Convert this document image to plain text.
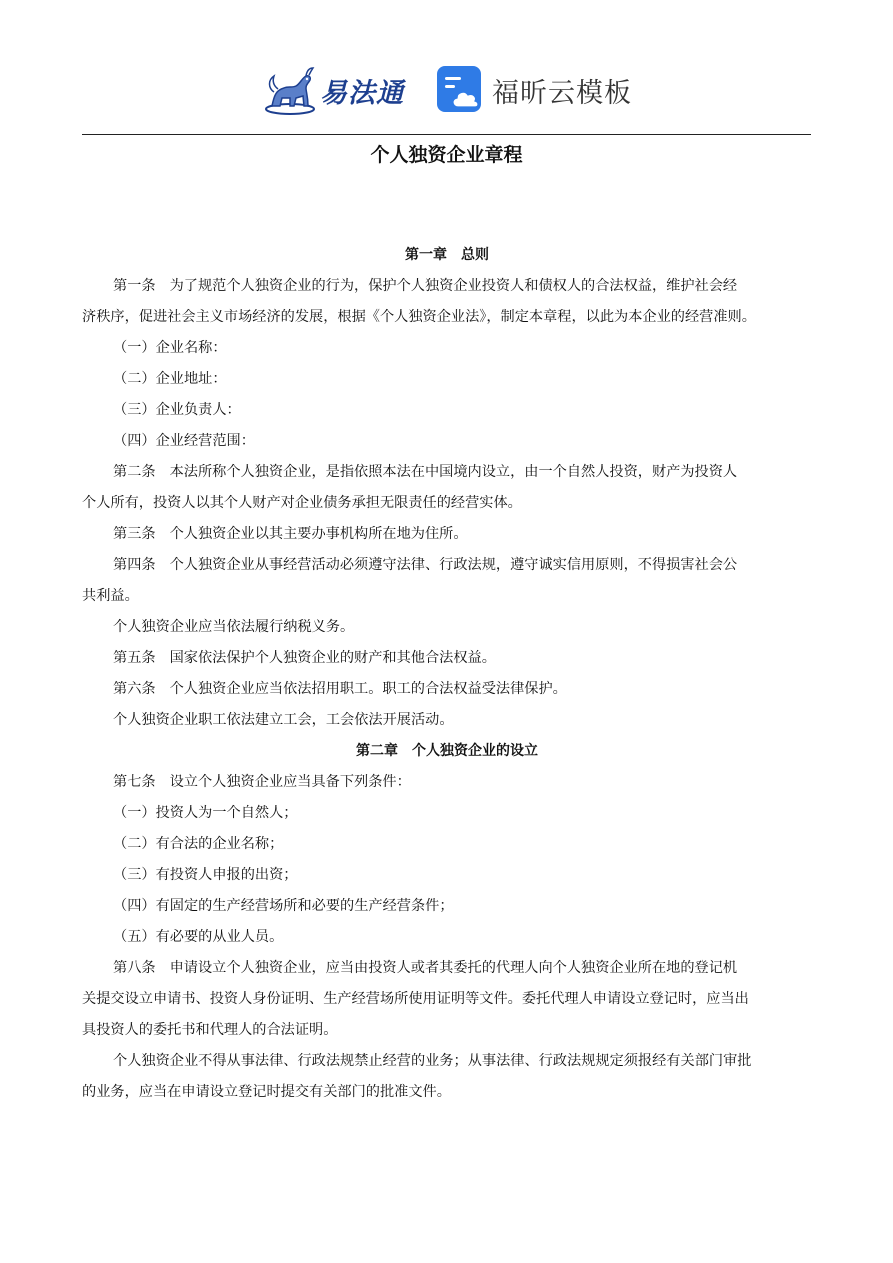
易法通	福昕云模板
个人独资企业章程
第一章 总则
第一条 为了规范个人独资企业的行为，保护个人独资企业投资人和债权人的合法权益，维护社会经
济秩序，促进社会主义市场经济的发展，根据《个人独资企业法》，制定本章程，以此为本企业的经营准则。
（一）企业名称：
（二）企业地址：
（三）企业负责人：
（四）企业经营范围：
第二条 本法所称个人独资企业，是指依照本法在中国境内设立，由一个自然人投资，财产为投资人
个人所有，投资人以其个人财产对企业债务承担无限责任的经营实体。
第三条 个人独资企业以其主要办事机构所在地为住所。
第四条 个人独资企业从事经营活动必须遵守法律、行政法规，遵守诚实信用原则，不得损害社会公
共利益。
个人独资企业应当依法履行纳税义务。
第五条 国家依法保护个人独资企业的财产和其他合法权益。
第六条 个人独资企业应当依法招用职工。职工的合法权益受法律保护。
个人独资企业职工依法建立工会，工会依法开展活动。
第二章 个人独资企业的设立
第七条 设立个人独资企业应当具备下列条件：
（一）投资人为一个自然人；
（二）有合法的企业名称；
（三）有投资人申报的出资；
（四）有固定的生产经营场所和必要的生产经营条件；
（五）有必要的从业人员。
第八条 申请设立个人独资企业，应当由投资人或者其委托的代理人向个人独资企业所在地的登记机
关提交设立申请书、投资人身份证明、生产经营场所使用证明等文件。委托代理人申请设立登记时，应当出
具投资人的委托书和代理人的合法证明。
个人独资企业不得从事法律、行政法规禁止经营的业务；从事法律、行政法规规定须报经有关部门审批
的业务，应当在申请设立登记时提交有关部门的批准文件。
